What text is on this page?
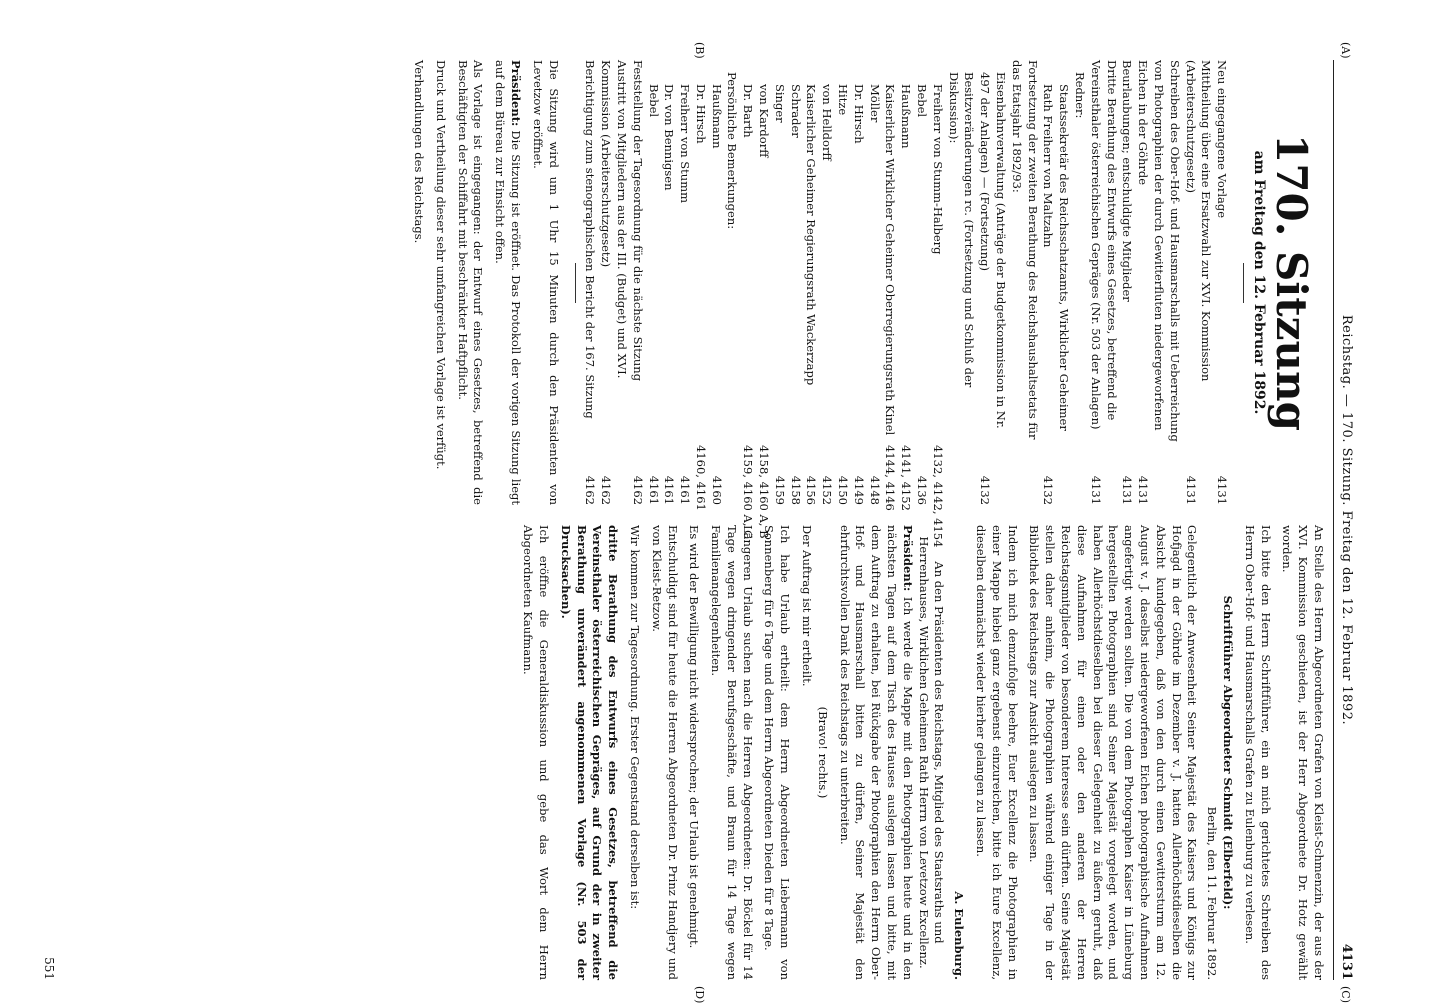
Reichstag. — 170. Sitzung. Freitag den 12. Februar 1892.
4131
(A)
(C)
(B)
(D)
170. Sitzung
am Freitag den 12. Februar 1892.
Neu eingegangene Vorlage
4131
Mittheilung über eine Ersatzwahl zur XVI. Kommission (Arbeiterschutzgesetz)
4131
Schreiben des Ober-Hof- und Hausmarschalls mit Ueberreichung von Photographien der durch Gewitterfluten niedergeworfenen Eichen in der Göhrde
4131
Beurlaubungen; entschuldigte Mitglieder
4131
Dritte Berathung des Entwurfs eines Gesetzes, betreffend die Vereinsthaler österreichischen Gepräges (Nr. 503 der Anlagen)
4131
Redner:
Staatssekretär des Reichsschatzamts, Wirklicher Geheimer Rath Freiherr von Maltzahn
4132
Fortsetzung der zweiten Berathung des Reichshaushaltsetats für das Etatsjahr 1892/93:
Eisenbahnverwaltung (Anträge der Budgetkommission in Nr. 497 der Anlagen) — (Fortsetzung)
4132
Besitzveränderungen rc. (Fortsetzung und Schluß der Diskussion):
Freiherr von Stumm-Halberg
4132, 4142, 4154
Bebel
4136
Haußmann
4141, 4152
Kaiserlicher Wirklicher Geheimer Oberregierungsrath Kinel
4144, 4146
Möller
4148
Dr. Hirsch
4149
Hitze
4150
von Helldorff
4152
Kaiserlicher Geheimer Regierungsrath Wackerzapp
4156
Schrader
4158
Singer
4159
von Kardorff
4158, 4160 A, B
Dr. Barth
4159, 4160 A, C
Persönliche Bemerkungen:
Haußmann
4160
Dr. Hirsch
4160, 4161
Freiherr von Stumm
4161
Dr. von Bennigsen
4161
Bebel
4161
Feststellung der Tagesordnung für die nächste Sitzung
4162
Austritt von Mitgliedern aus der III. (Budget) und XVI. Kommission (Arbeiterschutzgesetz)
4162
Berichtigung zum stenographischen Bericht der 167. Sitzung
4162

Die Sitzung wird um 1 Uhr 15 Minuten durch den Präsidenten von Levetzow eröffnet.

Präsident: Die Sitzung ist eröffnet. Das Protokoll der vorigen Sitzung liegt auf dem Büreau zur Einsicht offen.

Als Vorlage ist eingegangen: der Entwurf eines Gesetzes, betreffend die Beschäftigten der Schiffahrt mit beschränkter Haftpflicht.

Druck und Vertheilung dieser sehr umfangreichen Vorlage ist verfügt.

Verhandlungen des Reichstags.

An Stelle des Herrn Abgeordneten Grafen von Kleist-Schmenzin, der aus der XVI. Kommission geschieden, ist der Herr Abgeordnete Dr. Hotz gewählt worden.

Ich bitte den Herrn Schriftführer, ein an mich gerichtetes Schreiben des Herrn Ober-Hof- und Hausmarschalls Grafen zu Eulenburg zu verlesen.

Schriftführer Abgeordneter Schmidt (Elberfeld):

Berlin, den 11. Februar 1892.

Gelegentlich der Anwesenheit Seiner Majestät des Kaisers und Königs zur Hofjagd in der Göhrde im Dezember v. J. hatten Allerhöchstdieselben die Absicht kundgegeben, daß von den durch einen Gewittersturm am 12. August v. J. daselbst niedergeworfenen Eichen photographische Aufnahmen angefertigt werden sollten. Die von dem Photographen Kaiser in Lüneburg hergestellten Photographien sind Seiner Majestät vorgelegt worden, und haben Allerhöchstdieselben bei dieser Gelegenheit zu äußern geruht, daß diese Aufnahmen für einen oder den anderen der Herren Reichstagsmitglieder von besonderem Interesse sein dürften. Seine Majestät stellen daher anheim, die Photographien während einiger Tage in der Bibliothek des Reichstags zur Ansicht auslegen zu lassen.

Indem ich mich demzufolge beehre, Euer Excellenz die Photographien in einer Mappe hiebei ganz ergebenst einzureichen, bitte ich Eure Excellenz, dieselben demnächst wieder hierher gelangen zu lassen.

A. Eulenburg.

An den Präsidenten des Reichstags, Mitglied des Staatsraths und Herrenhauses, Wirklichen Geheimen Rath Herrn von Levetzow Excellenz.

Präsident: Ich werde die Mappe mit den Photographien heute und in den nächsten Tagen auf dem Tisch des Hauses auslegen lassen und bitte, mit dem Auftrag zu erhalten, bei Rückgabe der Photographien den Herrn Ober-Hof- und Hausmarschall bitten zu dürfen, Seiner Majestät den ehrfurchtsvollen Dank des Reichstags zu unterbreiten.

(Bravo! rechts.)

Der Auftrag ist mir ertheilt.

Ich habe Urlaub ertheilt: dem Herrn Abgeordneten Liebermann von Sonnenberg für 6 Tage und dem Herrn Abgeordneten Dieden für 8 Tage.

Längeren Urlaub suchen nach die Herren Abgeordneten: Dr. Böckel für 14 Tage wegen dringender Berufsgeschäfte, und Braun für 14 Tage wegen Familienangelegenheiten.

Es wird der Bewilligung nicht widersprochen; der Urlaub ist genehmigt.

Entschuldigt sind für heute die Herren Abgeordneten Dr. Prinz Handjery und von Kleist-Retzow.

Wir kommen zur Tagesordnung. Erster Gegenstand derselben ist:

dritte Berathung des Entwurfs eines Gesetzes, betreffend die Vereinsthaler österreichischen Gepräges, auf Grund der in zweiter Berathung unverändert angenommenen Vorlage (Nr. 503 der Drucksachen).

Ich eröffne die Generaldiskussion und gebe das Wort dem Herrn Abgeordneten Kaufmann.

551
